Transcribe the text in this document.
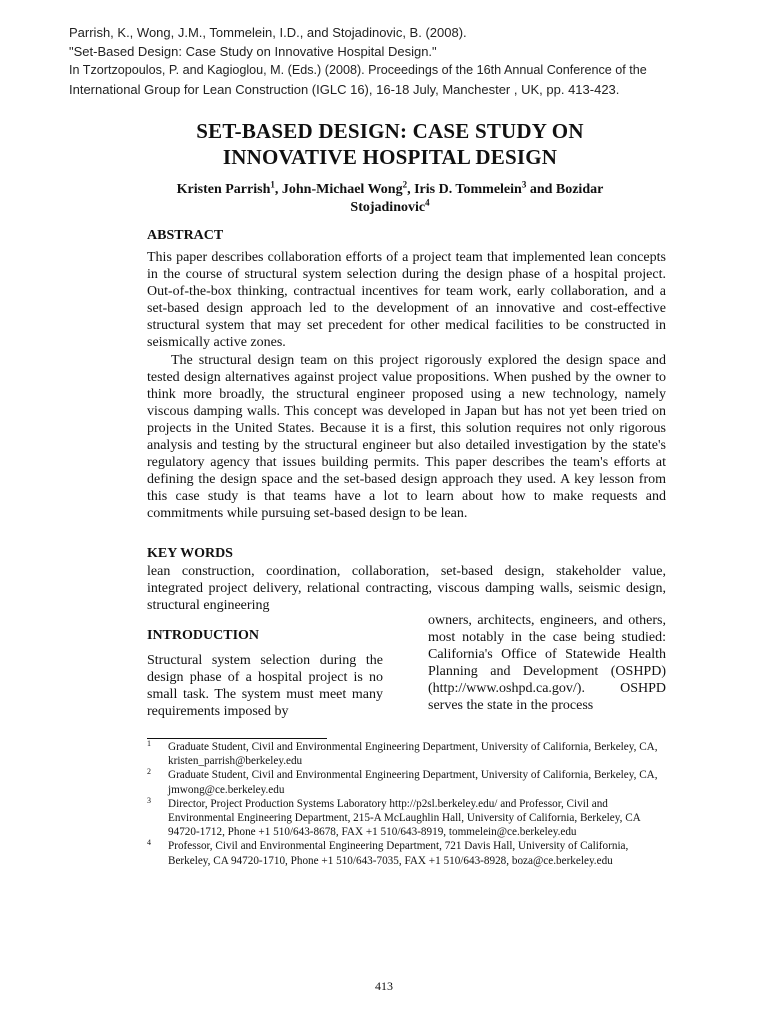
Parrish, K., Wong, J.M., Tommelein, I.D., and Stojadinovic, B. (2008).
"Set-Based Design: Case Study on Innovative Hospital Design."
In Tzortzopoulos, P. and Kagioglou, M. (Eds.) (2008). Proceedings of the 16th Annual Conference of the
International Group for Lean Construction (IGLC 16), 16-18 July, Manchester , UK, pp. 413-423.
SET-BASED DESIGN: CASE STUDY ON
INNOVATIVE HOSPITAL DESIGN
Kristen Parrish$^1$, John-Michael Wong$^2$, Iris D. Tommelein$^3$ and Bozidar
Stojadinovic$^4$
ABSTRACT

This paper describes collaboration efforts of a project team that implemented lean concepts in the course of structural system selection during the design phase of a hospital project. Out-of-the-box thinking, contractual incentives for team work, early collaboration, and a set-based design approach led to the development of an innovative and cost-effective structural system that may set precedent for other medical facilities to be constructed in seismically active zones.

The structural design team on this project rigorously explored the design space and tested design alternatives against project value propositions. When pushed by the owner to think more broadly, the structural engineer proposed using a new technology, namely viscous damping walls. This concept was developed in Japan but has not yet been tried on projects in the United States. Because it is a first, this solution requires not only rigorous analysis and testing by the structural engineer but also detailed investigation by the state's regulatory agency that issues building permits. This paper describes the team's efforts at defining the design space and the set-based design approach they used. A key lesson from this case study is that teams have a lot to learn about how to make requests and commitments while pursuing set-based design to be lean.

KEY WORDS
lean construction, coordination, collaboration, set-based design, stakeholder value, integrated project delivery, relational contracting, viscous damping walls, seismic design, structural engineering
INTRODUCTION
Structural system selection during the design phase of a hospital project is no small task. The system must meet many requirements imposed by
owners, architects, engineers, and others, most notably in the case being studied: California's Office of Statewide Health Planning and Development (OSHPD)(http://www.oshpd.ca.gov/). OSHPD serves the state in the process
1 Graduate Student, Civil and Environmental Engineering Department, University of California, Berkeley, CA, kristen_parrish@berkeley.edu
2 Graduate Student, Civil and Environmental Engineering Department, University of California, Berkeley, CA, jmwong@ce.berkeley.edu
3 Director, Project Production Systems Laboratory http://p2sl.berkeley.edu/ and Professor, Civil and Environmental Engineering Department, 215-A McLaughlin Hall, University of California, Berkeley, CA 94720-1712, Phone +1 510/643-8678, FAX +1 510/643-8919, tommelein@ce.berkeley.edu
4 Professor, Civil and Environmental Engineering Department, 721 Davis Hall, University of California, Berkeley, CA 94720-1710, Phone +1 510/643-7035, FAX +1 510/643-8928, boza@ce.berkeley.edu
413
